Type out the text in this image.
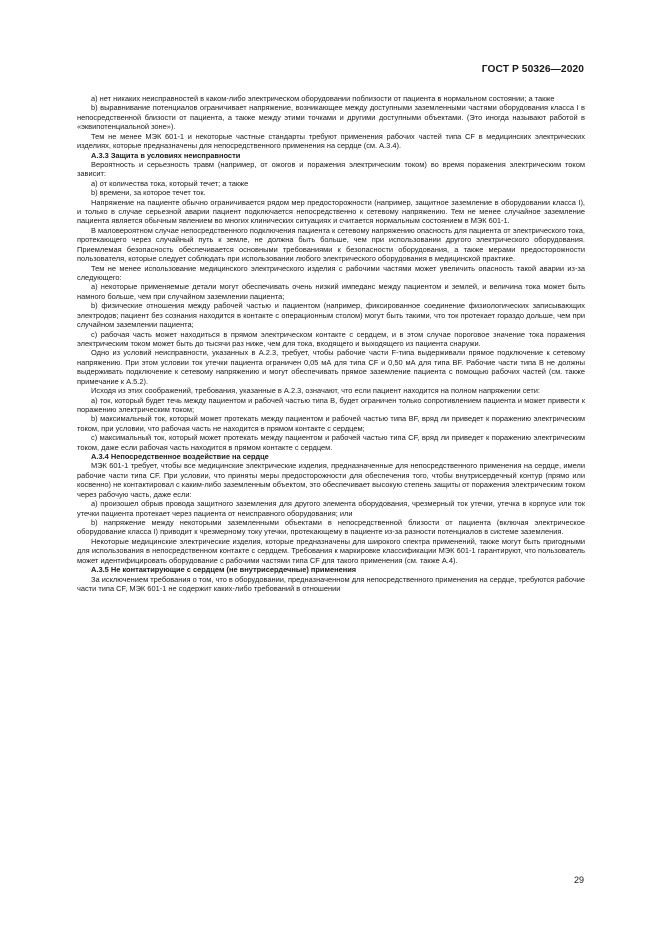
ГОСТ Р 50326—2020

a) нет никаких неисправностей в каком-либо электрическом оборудовании поблизости от пациента в нормальном состоянии; а также

b) выравнивание потенциалов ограничивает напряжение, возникающее между доступными заземленными частями оборудования класса I в непосредственной близости от пациента, а также между этими точками и другими доступными объектами. (Это иногда называют работой в «эквипотенциальной зоне»).

Тем не менее МЭК 601-1 и некоторые частные стандарты требуют применения рабочих частей типа CF в медицинских электрических изделиях, которые предназначены для непосредственного применения на сердце (см. А.3.4).

А.3.3 Защита в условиях неисправности

Вероятность и серьезность травм (например, от ожогов и поражения электрическим током) во время поражения электрическим током зависит:

а) от количества тока, который течет; а также

b) времени, за которое течет ток.

Напряжение на пациенте обычно ограничивается рядом мер предосторожности (например, защитное заземление в оборудовании класса I), и только в случае серьезной аварии пациент подключается непосредственно к сетевому напряжению. Тем не менее случайное заземление пациента является обычным явлением во многих клинических ситуациях и считается нормальным состоянием в МЭК 601-1.

В маловероятном случае непосредственного подключения пациента к сетевому напряжению опасность для пациента от электрического тока, протекающего через случайный путь к земле, не должна быть больше, чем при использовании другого электрического оборудования. Приемлемая безопасность обеспечивается основными требованиями к безопасности оборудования, а также мерами предосторожности пользователя, которые следует соблюдать при использовании любого электрического оборудования в медицинской практике.

Тем не менее использование медицинского электрического изделия с рабочими частями может увеличить опасность такой аварии из-за следующего:

а) некоторые применяемые детали могут обеспечивать очень низкий импеданс между пациентом и землей, и величина тока может быть намного больше, чем при случайном заземлении пациента;

b) физические отношения между рабочей частью и пациентом (например, фиксированное соединение физиологических записывающих электродов; пациент без сознания находится в контакте с операционным столом) могут быть такими, что ток протекает гораздо дольше, чем при случайном заземлении пациента;

с) рабочая часть может находиться в прямом электрическом контакте с сердцем, и в этом случае пороговое значение тока поражения электрическим током может быть до тысячи раз ниже, чем для тока, входящего и выходящего из пациента снаружи.

Одно из условий неисправности, указанных в А.2.3, требует, чтобы рабочие части F-типа выдерживали прямое подключение к сетевому напряжению. При этом условии ток утечки пациента ограничен 0,05 мА для типа CF и 0,50 мА для типа BF. Рабочие части типа В не должны выдерживать подключение к сетевому напряжению и могут обеспечивать прямое заземление пациента с помощью рабочих частей (см. также примечание к А.5.2).

Исходя из этих соображений, требования, указанные в А.2.3, означают, что если пациент находится на полном напряжении сети:

а) ток, который будет течь между пациентом и рабочей частью типа В, будет ограничен только сопротивлением пациента и может привести к поражению электрическим током;

b) максимальный ток, который может протекать между пациентом и рабочей частью типа BF, вряд ли приведет к поражению электрическим током, при условии, что рабочая часть не находится в прямом контакте с сердцем;

с) максимальный ток, который может протекать между пациентом и рабочей частью типа CF, вряд ли приведет к поражению электрическим током, даже если рабочая часть находится в прямом контакте с сердцем.

А.3.4 Непосредственное воздействие на сердце

МЭК 601-1 требует, чтобы все медицинские электрические изделия, предназначенные для непосредственного применения на сердце, имели рабочие части типа CF. При условии, что приняты меры предосторожности для обеспечения того, чтобы внутрисердечный контур (прямо или косвенно) не контактировал с каким-либо заземленным объектом, это обеспечивает высокую степень защиты от поражения электрическим током через рабочую часть, даже если:

а) произошел обрыв провода защитного заземления для другого элемента оборудования, чрезмерный ток утечки, утечка в корпусе или ток утечки пациента протекает через пациента от неисправного оборудования; или

b) напряжение между некоторыми заземленными объектами в непосредственной близости от пациента (включая электрическое оборудование класса I) приводит к чрезмерному току утечки, протекающему в пациенте из-за разности потенциалов в системе заземления.

Некоторые медицинские электрические изделия, которые предназначены для широкого спектра применений, также могут быть пригодными для использования в непосредственном контакте с сердцем. Требования к маркировке классификации МЭК 601-1 гарантируют, что пользователь может идентифицировать оборудование с рабочими частями типа CF для такого применения (см. также А.4).

А.3.5 Не контактирующие с сердцем (не внутрисердечные) применения

За исключением требования о том, что в оборудовании, предназначенном для непосредственного применения на сердце, требуются рабочие части типа CF, МЭК 601-1 не содержит каких-либо требований в отношении

29
